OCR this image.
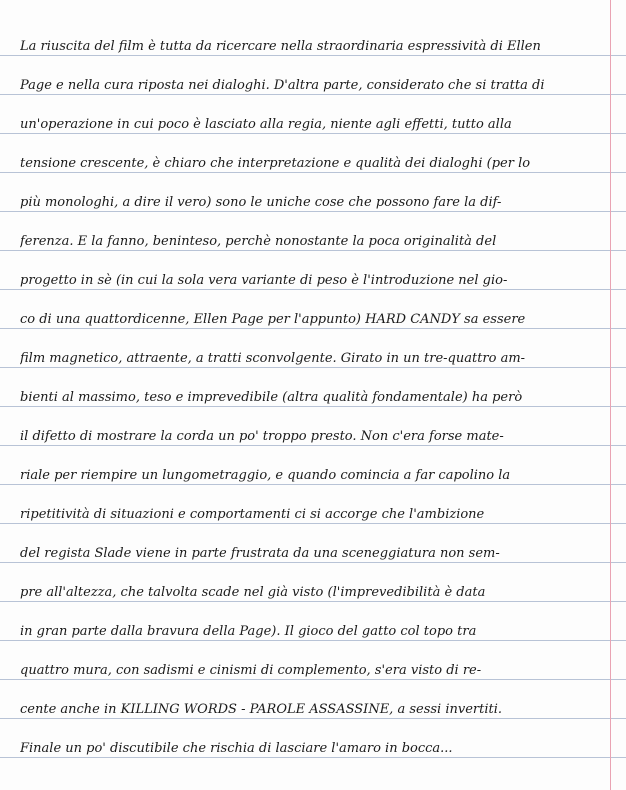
La riuscita del film è tutta da ricercare nella straordinaria espressività di Ellen
Page e nella cura riposta nei dialoghi. D'altra parte, considerato che si tratta di
un'operazione in cui poco è lasciato alla regia, niente agli effetti, tutto alla
tensione crescente, è chiaro che interpretazione e qualità dei dialoghi (per lo
più monologhi, a dire il vero) sono le uniche cose che possono fare la dif-
ferenza. E la fanno, beninteso, perchè nonostante la poca originalità del
progetto in sè (in cui la sola vera variante di peso è l'introduzione nel gio-
co di una quattordicenne, Ellen Page per l'appunto) HARD CANDY sa essere
film magnetico, attraente, a tratti sconvolgente. Girato in un tre-quattro am-
bienti al massimo, teso e imprevedibile (altra qualità fondamentale) ha però
il difetto di mostrare la corda un po' troppo presto. Non c'era forse mate-
riale per riempire un lungometraggio, e quando comincia a far capolino la
ripetitività di situazioni e comportamenti ci si accorge che l'ambizione
del regista Slade viene in parte frustrata da una sceneggiatura non sem-
pre all'altezza, che talvolta scade nel già visto (l'imprevedibilità è data
in gran parte dalla bravura della Page). Il gioco del gatto col topo tra
quattro mura, con sadismi e cinismi di complemento, s'era visto di re-
cente anche in KILLING WORDS - PAROLE ASSASSINE, a sessi invertiti.
Finale un po' discutibile che rischia di lasciare l'amaro in bocca...
